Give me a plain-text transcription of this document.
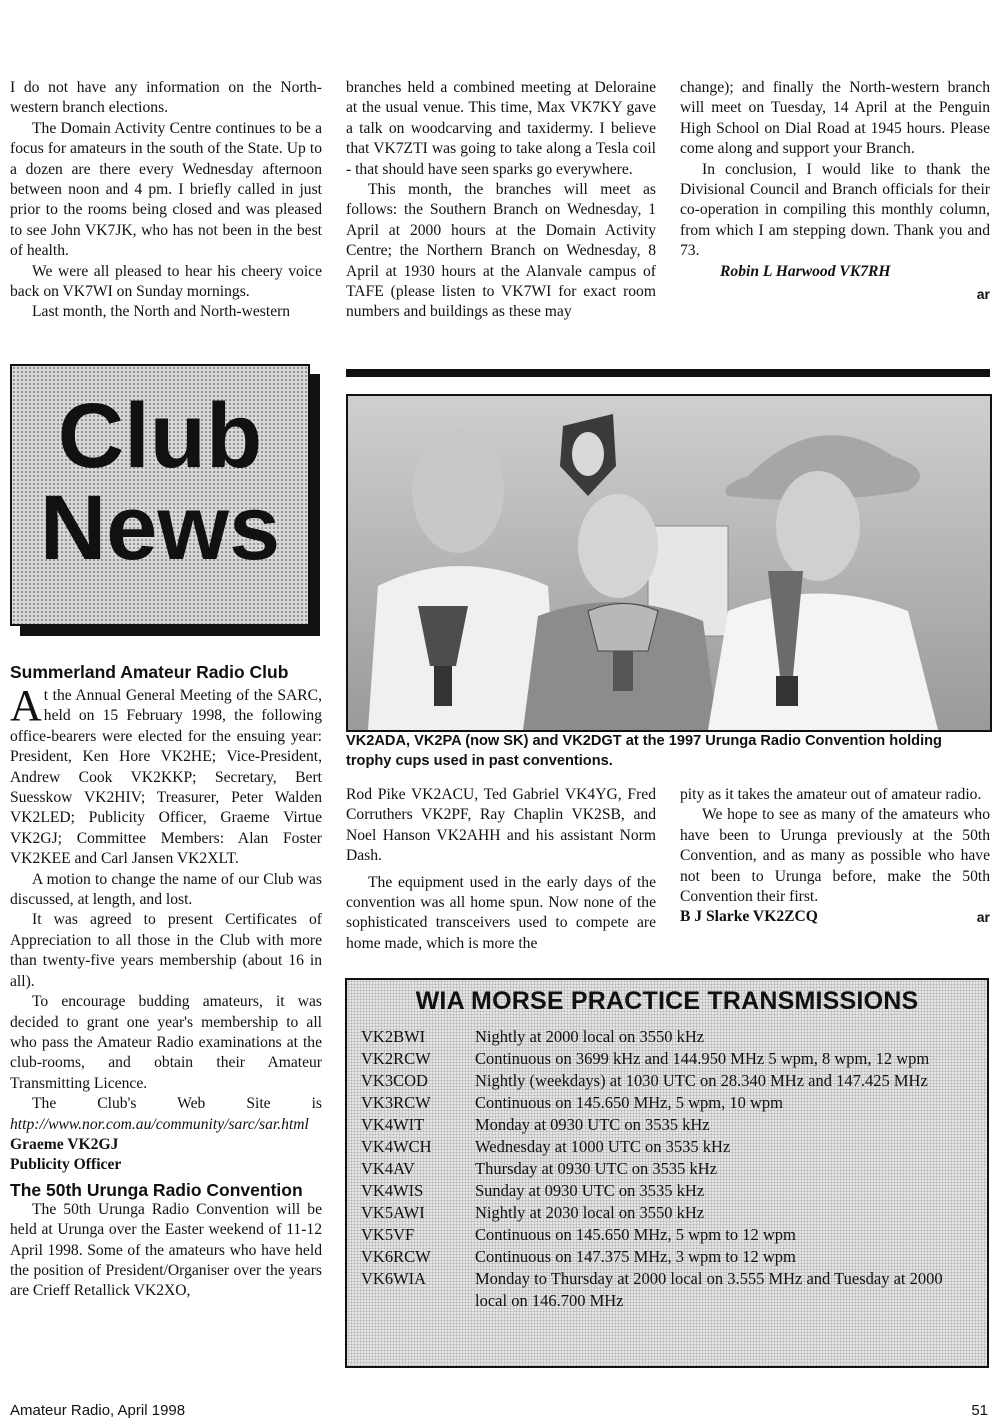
I do not have any information on the North-western branch elections.

The Domain Activity Centre continues to be a focus for amateurs in the south of the State. Up to a dozen are there every Wednesday afternoon between noon and 4 pm. I briefly called in just prior to the rooms being closed and was pleased to see John VK7JK, who has not been in the best of health.

We were all pleased to hear his cheery voice back on VK7WI on Sunday mornings.

Last month, the North and North-western

branches held a combined meeting at Deloraine at the usual venue. This time, Max VK7KY gave a talk on woodcarving and taxidermy. I believe that VK7ZTI was going to take along a Tesla coil - that should have seen sparks go everywhere.

This month, the branches will meet as follows: the Southern Branch on Wednesday, 1 April at 2000 hours at the Domain Activity Centre; the Northern Branch on Wednesday, 8 April at 1930 hours at the Alanvale campus of TAFE (please listen to VK7WI for exact room numbers and buildings as these may

change); and finally the North-western branch will meet on Tuesday, 14 April at the Penguin High School on Dial Road at 1945 hours. Please come along and support your Branch.

In conclusion, I would like to thank the Divisional Council and Branch officials for their co-operation in compiling this monthly column, from which I am stepping down. Thank you and 73.

Robin L Harwood VK7RH

ar
Club
News
Summerland Amateur Radio Club

At the Annual General Meeting of the SARC, held on 15 February 1998, the following office-bearers were elected for the ensuing year: President, Ken Hore VK2HE; Vice-President, Andrew Cook VK2KKP; Secretary, Bert Suesskow VK2HIV; Treasurer, Peter Walden VK2LED; Publicity Officer, Graeme Virtue VK2GJ; Committee Members: Alan Foster VK2KEE and Carl Jansen VK2XLT.

A motion to change the name of our Club was discussed, at length, and lost.

It was agreed to present Certificates of Appreciation to all those in the Club with more than twenty-five years membership (about 16 in all).

To encourage budding amateurs, it was decided to grant one year's membership to all who pass the Amateur Radio examinations at the club-rooms, and obtain their Amateur Transmitting Licence.

The Club's Web Site is http://www.nor.com.au/community/sarc/sar.html

Graeme VK2GJ

Publicity Officer

The 50th Urunga Radio Convention

The 50th Urunga Radio Convention will be held at Urunga over the Easter weekend of 11-12 April 1998. Some of the amateurs who have held the position of President/Organiser over the years are Crieff Retallick VK2XO,

VK2ADA, VK2PA (now SK) and VK2DGT at the 1997 Urunga Radio Convention holding trophy cups used in past conventions.

Rod Pike VK2ACU, Ted Gabriel VK4YG, Fred Corruthers VK2PF, Ray Chaplin VK2SB, and Noel Hanson VK2AHH and his assistant Norm Dash.

The equipment used in the early days of the convention was all home spun. Now none of the sophisticated transceivers used to compete are home made, which is more the

pity as it takes the amateur out of amateur radio.

We hope to see as many of the amateurs who have been to Urunga previously at the 50th Convention, and as many as possible who have not been to Urunga before, make the 50th Convention their first.

B J Slarke VK2ZCQ	ar
WIA MORSE PRACTICE TRANSMISSIONS
VK2BWI	Nightly at 2000 local on 3550 kHz
VK2RCW	Continuous on 3699 kHz and 144.950 MHz 5 wpm, 8 wpm, 12 wpm
VK3COD	Nightly (weekdays) at 1030 UTC on 28.340 MHz and 147.425 MHz
VK3RCW	Continuous on 145.650 MHz, 5 wpm, 10 wpm
VK4WIT	Monday at 0930 UTC on 3535 kHz
VK4WCH	Wednesday at 1000 UTC on 3535 kHz
VK4AV	Thursday at 0930 UTC on 3535 kHz
VK4WIS	Sunday at 0930 UTC on 3535 kHz
VK5AWI	Nightly at 2030 local on 3550 kHz
VK5VF	Continuous on 145.650 MHz, 5 wpm to 12 wpm
VK6RCW	Continuous on 147.375 MHz, 3 wpm to 12 wpm
VK6WIA	Monday to Thursday at 2000 local on 3.555 MHz and Tuesday at 2000 local on 146.700 MHz
Amateur Radio, April 1998	51
